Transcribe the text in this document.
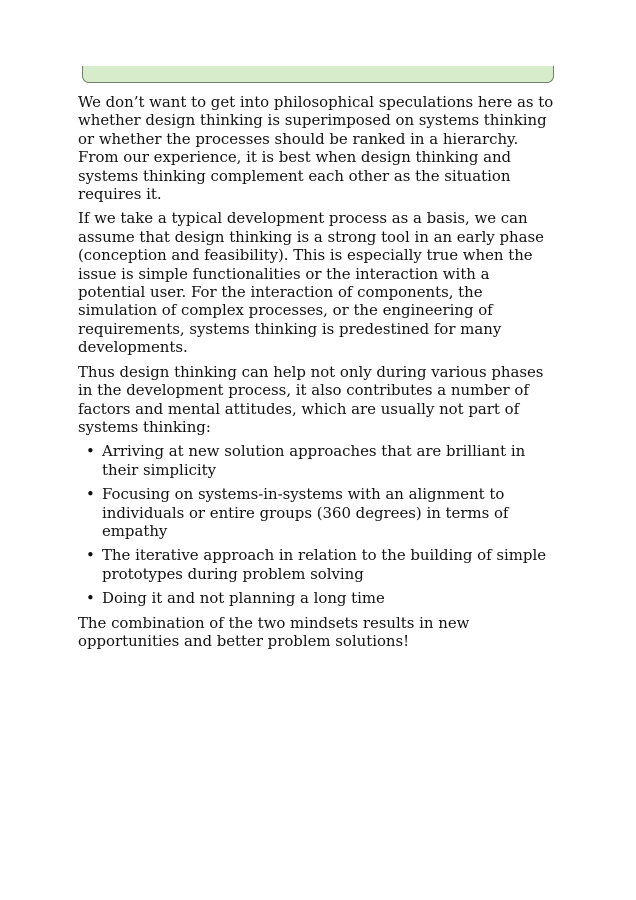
We don’t want to get into philosophical speculations here as to whether design thinking is superimposed on systems thinking or whether the processes should be ranked in a hierarchy. From our experience, it is best when design thinking and systems thinking complement each other as the situation requires it.

If we take a typical development process as a basis, we can assume that design thinking is a strong tool in an early phase (conception and feasibility). This is especially true when the issue is simple functionalities or the interaction with a potential user. For the interaction of components, the simulation of complex processes, or the engineering of requirements, systems thinking is predestined for many developments.

Thus design thinking can help not only during various phases in the development process, it also contributes a number of factors and mental attitudes, which are usually not part of systems thinking:

• Arriving at new solution approaches that are brilliant in their simplicity
• Focusing on systems-in-systems with an alignment to individuals or entire groups (360 degrees) in terms of empathy
• The iterative approach in relation to the building of simple prototypes during problem solving
• Doing it and not planning a long time

The combination of the two mindsets results in new opportunities and better problem solutions!
